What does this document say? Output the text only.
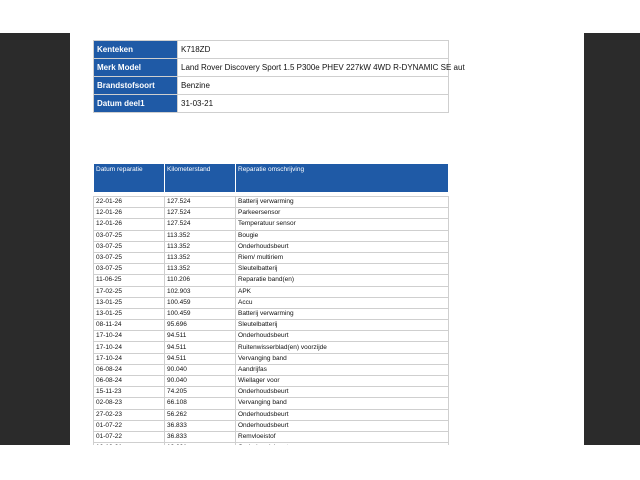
Kenteken	K718ZD
Merk Model	Land Rover Discovery Sport 1.5 P300e PHEV 227kW 4WD R-DYNAMIC SE aut
Brandstofsoort	Benzine
Datum deel1	31-03-21
Datum reparatie	Kilometerstand	Reparatie omschrijving

22-01-26	127.524	Batterij verwarming
12-01-26	127.524	Parkeersensor
12-01-26	127.524	Temperatuur sensor
03-07-25	113.352	Bougie
03-07-25	113.352	Onderhoudsbeurt
03-07-25	113.352	Riem/ multiriem
03-07-25	113.352	Sleutelbatterij
11-06-25	110.206	Reparatie band(en)
17-02-25	102.903	APK
13-01-25	100.459	Accu
13-01-25	100.459	Batterij verwarming
08-11-24	95.696	Sleutelbatterij
17-10-24	94.511	Onderhoudsbeurt
17-10-24	94.511	Ruitenwisserblad(en) voorzijde
17-10-24	94.511	Vervanging band
06-08-24	90.040	Aandrijfas
06-08-24	90.040	Wiellager voor
15-11-23	74.205	Onderhoudsbeurt
02-08-23	66.108	Vervanging band
27-02-23	56.262	Onderhoudsbeurt
01-07-22	36.833	Onderhoudsbeurt
01-07-22	36.833	Remvloeistof
